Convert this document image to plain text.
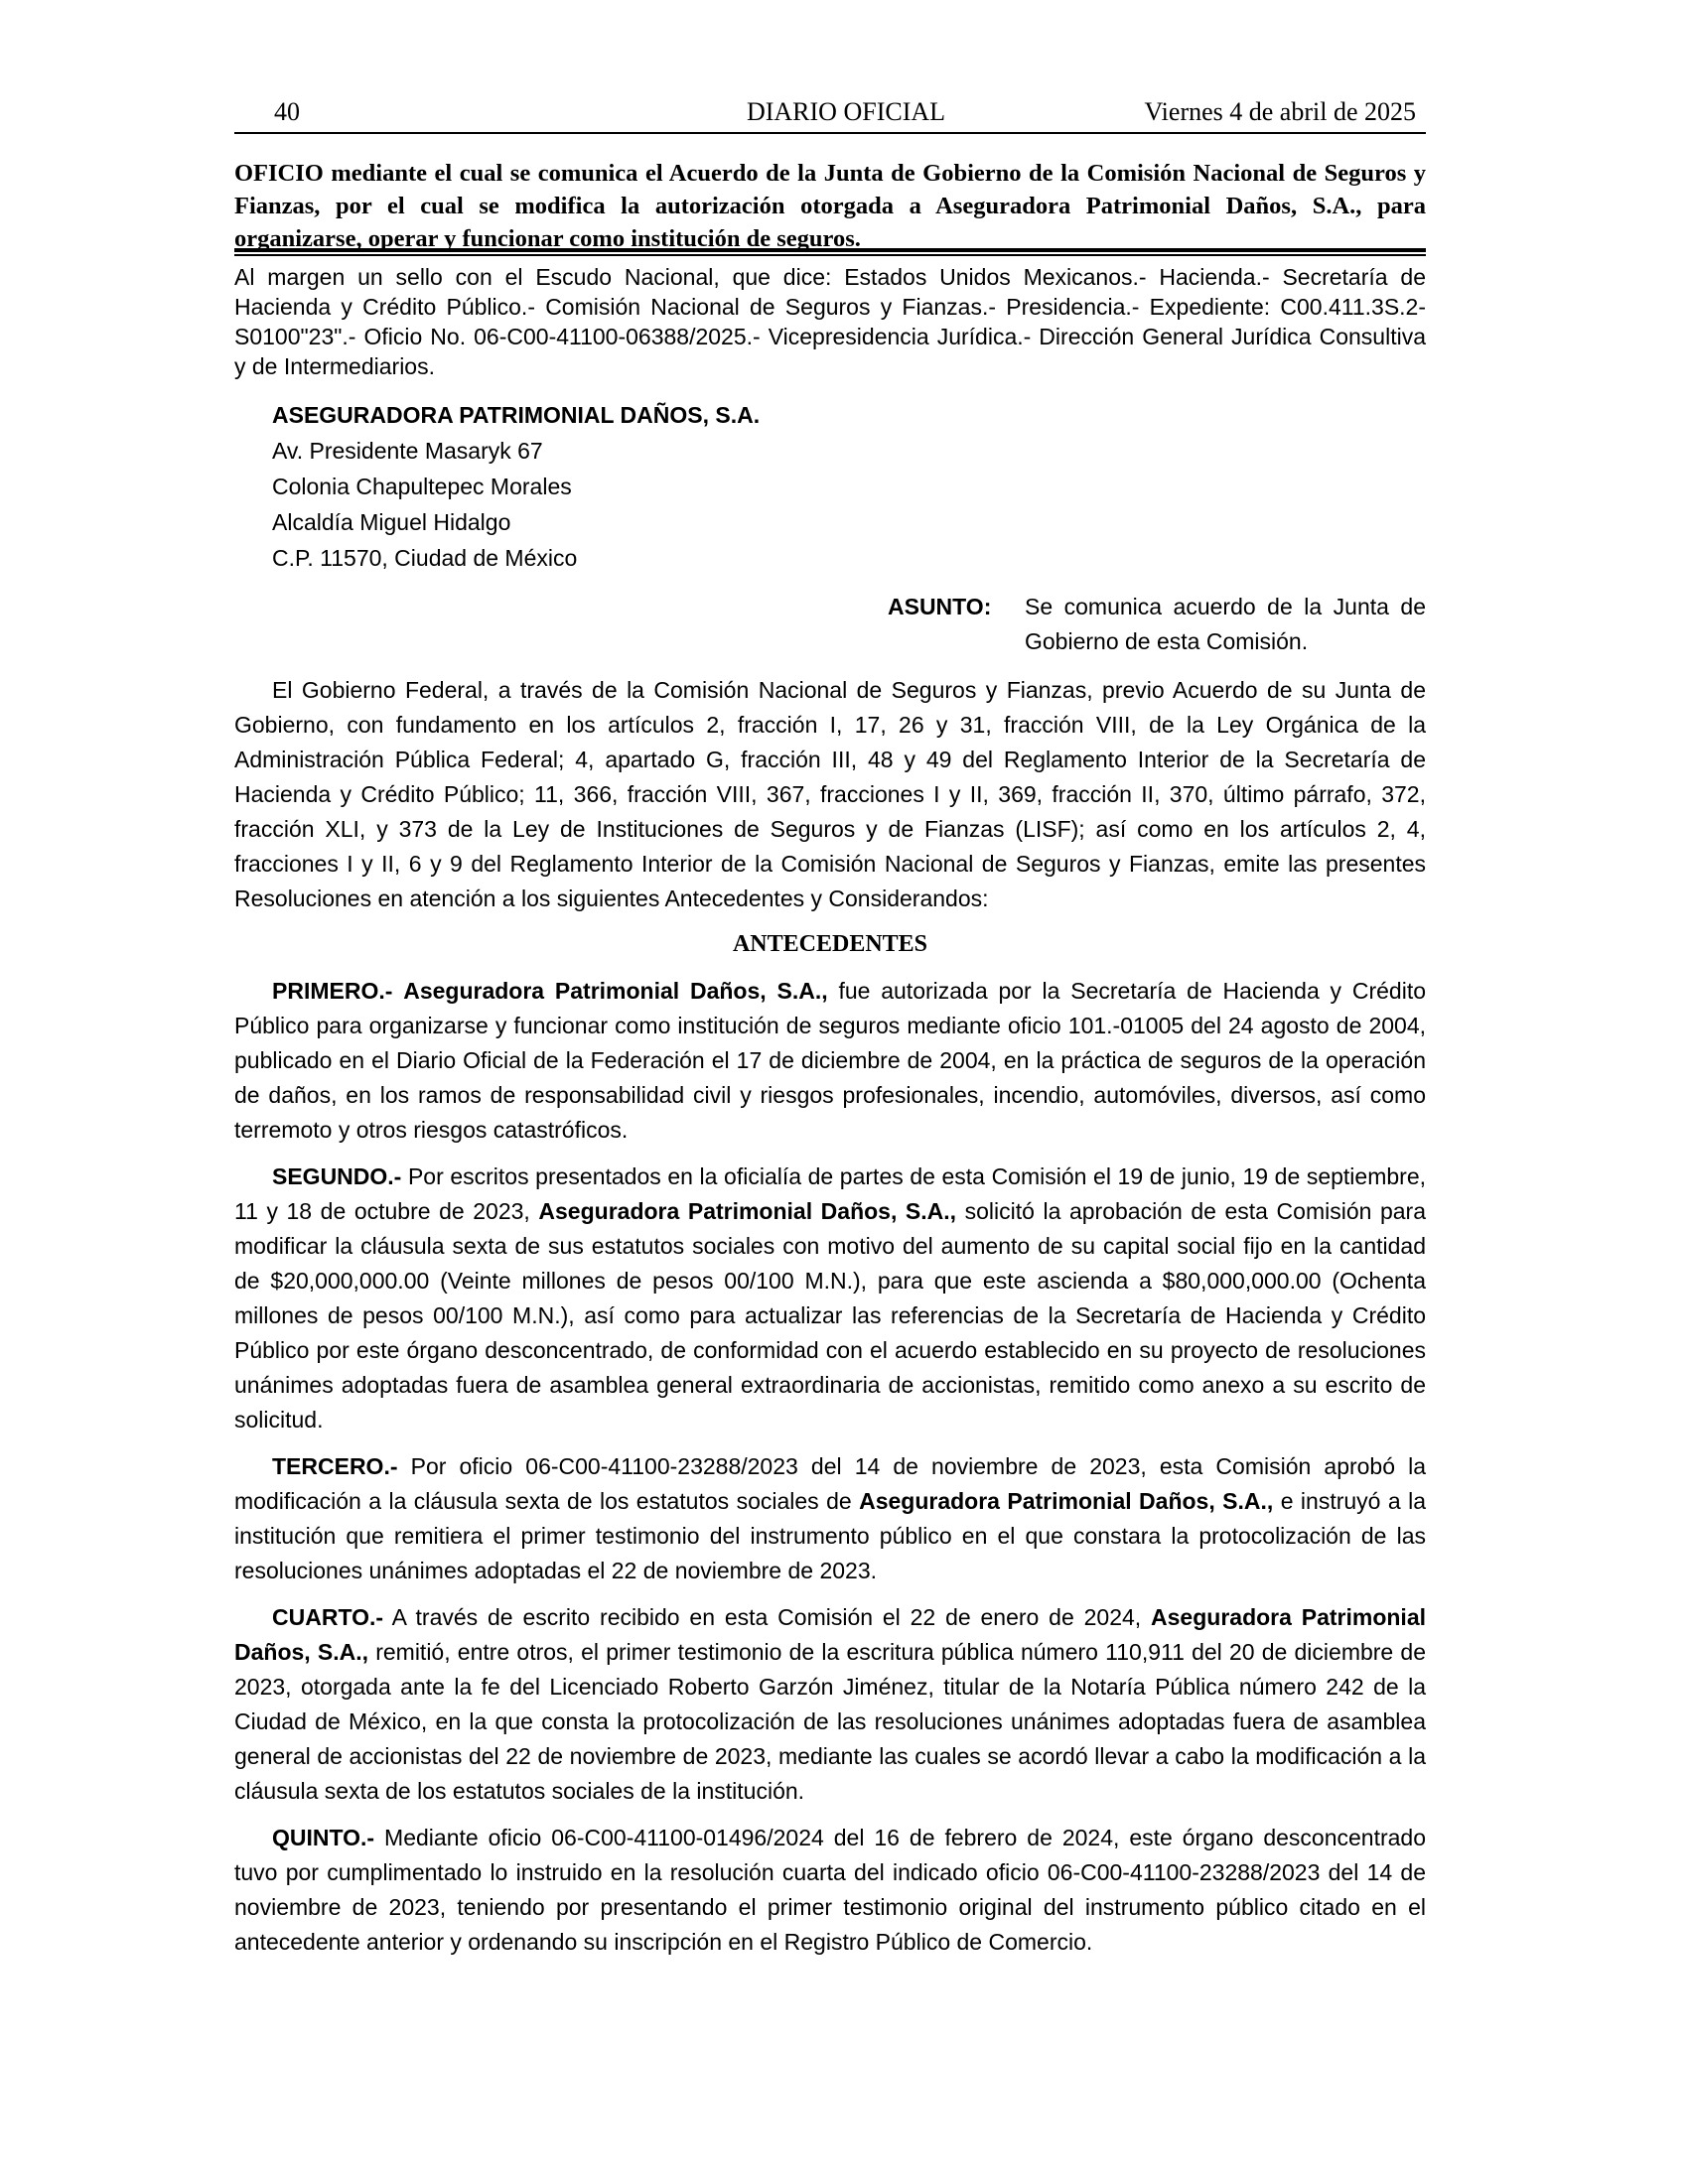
40	DIARIO OFICIAL	Viernes 4 de abril de 2025
OFICIO mediante el cual se comunica el Acuerdo de la Junta de Gobierno de la Comisión Nacional de Seguros y Fianzas, por el cual se modifica la autorización otorgada a Aseguradora Patrimonial Daños, S.A., para organizarse, operar y funcionar como institución de seguros.

Al margen un sello con el Escudo Nacional, que dice: Estados Unidos Mexicanos.- Hacienda.- Secretaría de Hacienda y Crédito Público.- Comisión Nacional de Seguros y Fianzas.- Presidencia.- Expediente: C00.411.3S.2-S0100"23".- Oficio No. 06-C00-41100-06388/2025.- Vicepresidencia Jurídica.- Dirección General Jurídica Consultiva y de Intermediarios.

ASEGURADORA PATRIMONIAL DAÑOS, S.A.
Av. Presidente Masaryk 67
Colonia Chapultepec Morales
Alcaldía Miguel Hidalgo
C.P. 11570, Ciudad de México
ASUNTO: Se comunica acuerdo de la Junta de Gobierno de esta Comisión.

El Gobierno Federal, a través de la Comisión Nacional de Seguros y Fianzas, previo Acuerdo de su Junta de Gobierno, con fundamento en los artículos 2, fracción I, 17, 26 y 31, fracción VIII, de la Ley Orgánica de la Administración Pública Federal; 4, apartado G, fracción III, 48 y 49 del Reglamento Interior de la Secretaría de Hacienda y Crédito Público; 11, 366, fracción VIII, 367, fracciones I y II, 369, fracción II, 370, último párrafo, 372, fracción XLI, y 373 de la Ley de Instituciones de Seguros y de Fianzas (LISF); así como en los artículos 2, 4, fracciones I y II, 6 y 9 del Reglamento Interior de la Comisión Nacional de Seguros y Fianzas, emite las presentes Resoluciones en atención a los siguientes Antecedentes y Considerandos:

ANTECEDENTES

PRIMERO.- Aseguradora Patrimonial Daños, S.A., fue autorizada por la Secretaría de Hacienda y Crédito Público para organizarse y funcionar como institución de seguros mediante oficio 101.-01005 del 24 agosto de 2004, publicado en el Diario Oficial de la Federación el 17 de diciembre de 2004, en la práctica de seguros de la operación de daños, en los ramos de responsabilidad civil y riesgos profesionales, incendio, automóviles, diversos, así como terremoto y otros riesgos catastróficos.

SEGUNDO.- Por escritos presentados en la oficialía de partes de esta Comisión el 19 de junio, 19 de septiembre, 11 y 18 de octubre de 2023, Aseguradora Patrimonial Daños, S.A., solicitó la aprobación de esta Comisión para modificar la cláusula sexta de sus estatutos sociales con motivo del aumento de su capital social fijo en la cantidad de $20,000,000.00 (Veinte millones de pesos 00/100 M.N.), para que este ascienda a $80,000,000.00 (Ochenta millones de pesos 00/100 M.N.), así como para actualizar las referencias de la Secretaría de Hacienda y Crédito Público por este órgano desconcentrado, de conformidad con el acuerdo establecido en su proyecto de resoluciones unánimes adoptadas fuera de asamblea general extraordinaria de accionistas, remitido como anexo a su escrito de solicitud.

TERCERO.- Por oficio 06-C00-41100-23288/2023 del 14 de noviembre de 2023, esta Comisión aprobó la modificación a la cláusula sexta de los estatutos sociales de Aseguradora Patrimonial Daños, S.A., e instruyó a la institución que remitiera el primer testimonio del instrumento público en el que constara la protocolización de las resoluciones unánimes adoptadas el 22 de noviembre de 2023.

CUARTO.- A través de escrito recibido en esta Comisión el 22 de enero de 2024, Aseguradora Patrimonial Daños, S.A., remitió, entre otros, el primer testimonio de la escritura pública número 110,911 del 20 de diciembre de 2023, otorgada ante la fe del Licenciado Roberto Garzón Jiménez, titular de la Notaría Pública número 242 de la Ciudad de México, en la que consta la protocolización de las resoluciones unánimes adoptadas fuera de asamblea general de accionistas del 22 de noviembre de 2023, mediante las cuales se acordó llevar a cabo la modificación a la cláusula sexta de los estatutos sociales de la institución.

QUINTO.- Mediante oficio 06-C00-41100-01496/2024 del 16 de febrero de 2024, este órgano desconcentrado tuvo por cumplimentado lo instruido en la resolución cuarta del indicado oficio 06-C00-41100-23288/2023 del 14 de noviembre de 2023, teniendo por presentando el primer testimonio original del instrumento público citado en el antecedente anterior y ordenando su inscripción en el Registro Público de Comercio.
